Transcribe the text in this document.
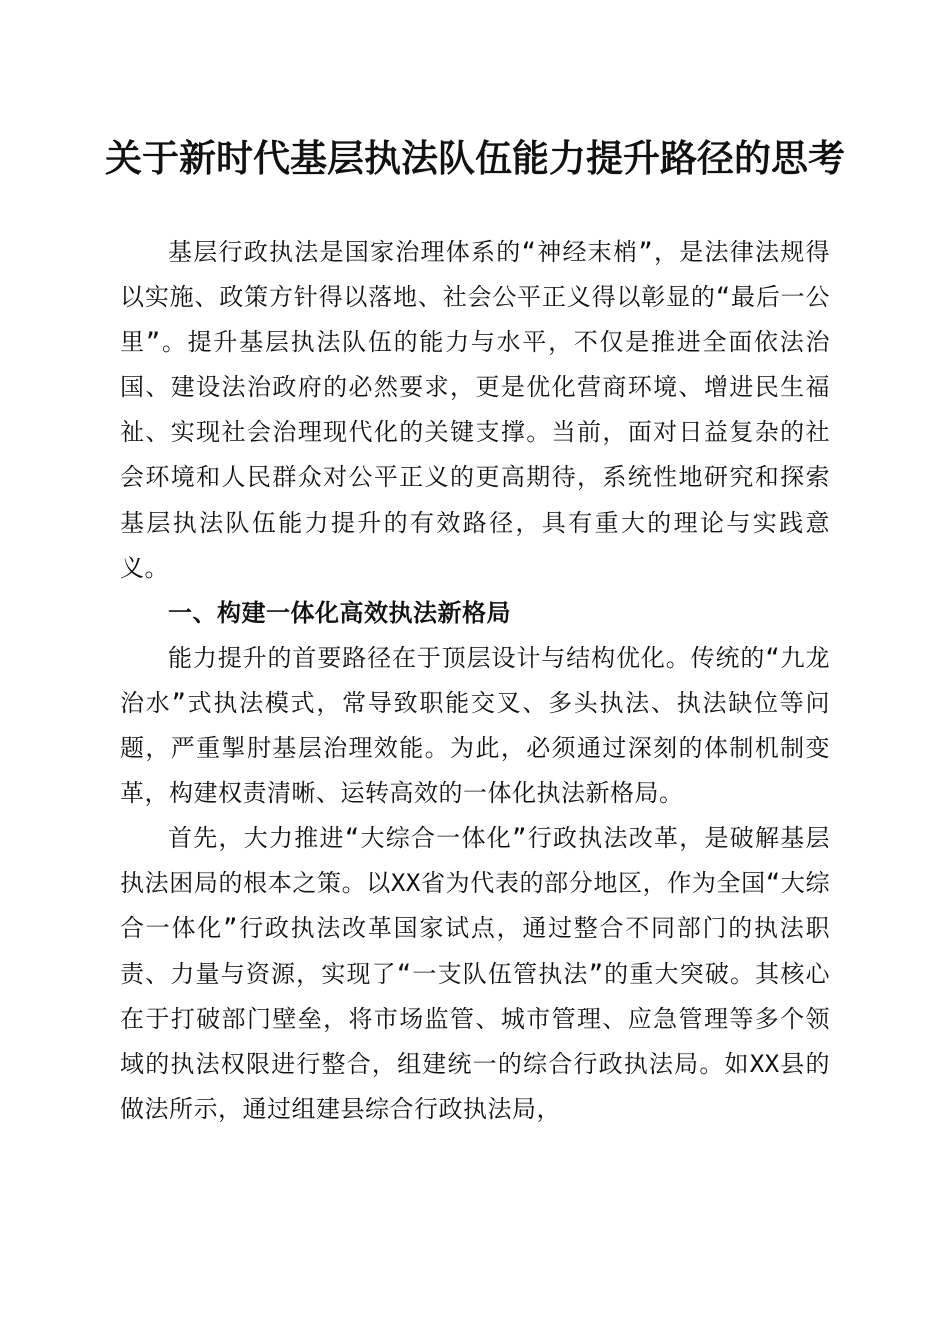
关于新时代基层执法队伍能力提升路径的思考

基层行政执法是国家治理体系的“神经末梢”，是法律法规得以实施、政策方针得以落地、社会公平正义得以彰显的“最后一公里”。提升基层执法队伍的能力与水平，不仅是推进全面依法治国、建设法治政府的必然要求，更是优化营商环境、增进民生福祉、实现社会治理现代化的关键支撑。当前，面对日益复杂的社会环境和人民群众对公平正义的更高期待，系统性地研究和探索基层执法队伍能力提升的有效路径，具有重大的理论与实践意义。

一、构建一体化高效执法新格局

能力提升的首要路径在于顶层设计与结构优化。传统的“九龙治水”式执法模式，常导致职能交叉、多头执法、执法缺位等问题，严重掣肘基层治理效能。为此，必须通过深刻的体制机制变革，构建权责清晰、运转高效的一体化执法新格局。

首先，大力推进“大综合一体化”行政执法改革，是破解基层执法困局的根本之策。以XX省为代表的部分地区，作为全国“大综合一体化”行政执法改革国家试点，通过整合不同部门的执法职责、力量与资源，实现了“一支队伍管执法”的重大突破。其核心在于打破部门壁垒，将市场监管、城市管理、应急管理等多个领域的执法权限进行整合，组建统一的综合行政执法局。如XX县的做法所示，通过组建县综合行政执法局，
